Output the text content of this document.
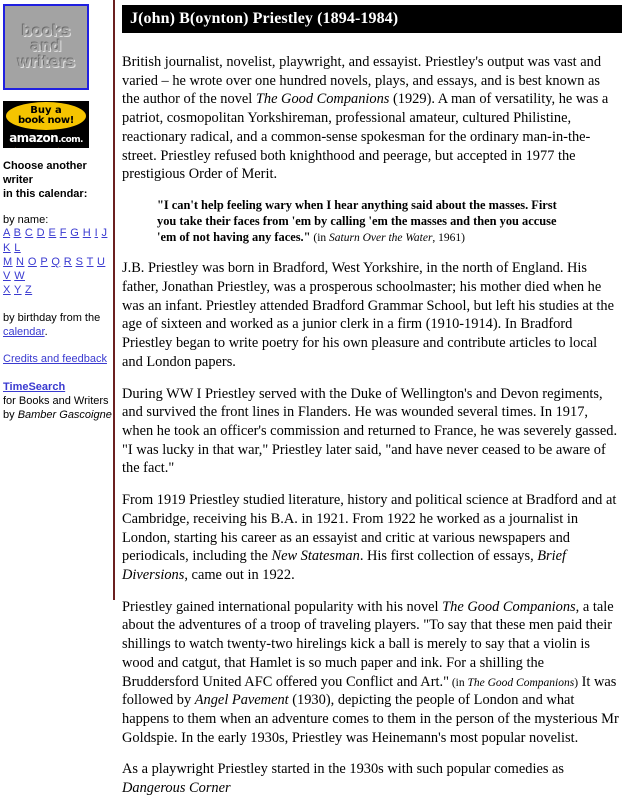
books
and
writers
Buy a
book now!
amazon.com.
Choose another writer
in this calendar:
by name:
A B C D E F G H I J K L
M N O P Q R S T U V W
X Y Z
by birthday from the calendar.
Credits and feedback
TimeSearch
for Books and Writers
by Bamber Gascoigne
J(ohn) B(oynton) Priestley (1894-1984)

British journalist, novelist, playwright, and essayist. Priestley's output was vast and varied – he wrote over one hundred novels, plays, and essays, and is best known as the author of the novel The Good Companions (1929). A man of versatility, he was a patriot, cosmopolitan Yorkshireman, professional amateur, cultured Philistine, reactionary radical, and a common-sense spokesman for the ordinary man-in-the-street. Priestley refused both knighthood and peerage, but accepted in 1977 the prestigious Order of Merit.

"I can't help feeling wary when I hear anything said about the masses. First you take their faces from 'em by calling 'em the masses and then you accuse 'em of not having any faces." (in Saturn Over the Water, 1961)

J.B. Priestley was born in Bradford, West Yorkshire, in the north of England. His father, Jonathan Priestley, was a prosperous schoolmaster; his mother died when he was an infant. Priestley attended Bradford Grammar School, but left his studies at the age of sixteen and worked as a junior clerk in a firm (1910-1914). In Bradford Priestley began to write poetry for his own pleasure and contribute articles to local and London papers.

During WW I Priestley served with the Duke of Wellington's and Devon regiments, and survived the front lines in Flanders. He was wounded several times. In 1917, when he took an officer's commission and returned to France, he was severely gassed. "I was lucky in that war," Priestley later said, "and have never ceased to be aware of the fact."

From 1919 Priestley studied literature, history and political science at Bradford and at Cambridge, receiving his B.A. in 1921. From 1922 he worked as a journalist in London, starting his career as an essayist and critic at various newspapers and periodicals, including the New Statesman. His first collection of essays, Brief Diversions, came out in 1922.

Priestley gained international popularity with his novel The Good Companions, a tale about the adventures of a troop of traveling players. "To say that these men paid their shillings to watch twenty-two hirelings kick a ball is merely to say that a violin is wood and catgut, that Hamlet is so much paper and ink. For a shilling the Bruddersford United AFC offered you Conflict and Art." (in The Good Companions) It was followed by Angel Pavement (1930), depicting the people of London and what happens to them when an adventure comes to them in the person of the mysterious Mr Goldspie. In the early 1930s, Priestley was Heinemann's most popular novelist.

As a playwright Priestley started in the 1930s with such popular comedies as Dangerous Corner
